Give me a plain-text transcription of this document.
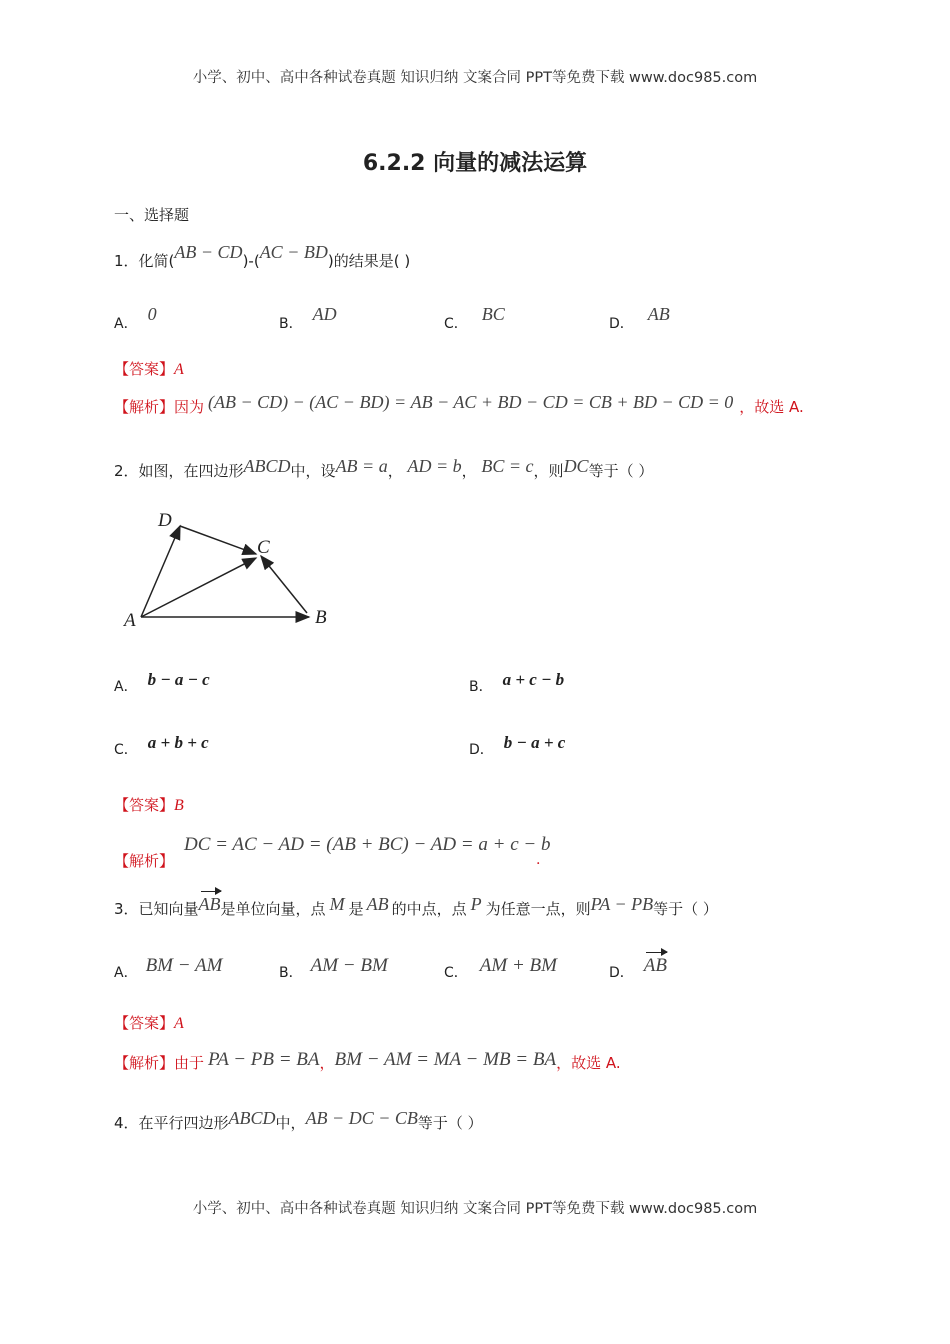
小学、初中、高中各种试卷真题 知识归纳 文案合同 PPT等免费下载 www.doc985.com
小学、初中、高中各种试卷真题 知识归纳 文案合同 PPT等免费下载 www.doc985.com
6.2.2 向量的减法运算
一、选择题
1．化简(AB − CD)-(AC − BD)的结果是( )
A． 0	B． AD	C． BC	D． AB
【答案】A
【解析】因为 (AB − CD) − (AC − BD) = AB − AC + BD − CD = CB + BD − CD = 0 ，故选 A.
2．如图，在四边形ABCD中，设AB = a， AD = b， BC = c，则DC等于（ ）
D
C
A	B
A． b − a − c	B． a + c − b
C． a + b + c	D． b − a + c
【答案】B
【解析】
DC = AC − AD = (AB + BC) − AD = a + c − b
.
3．已知向量AB是单位向量，点 M 是 AB 的中点，点 P 为任意一点，则PA − PB等于（ ）
A． BM − AM	B． AM − BM	C． AM + BM	D． AB
【答案】A
【解析】由于 PA − PB = BA，BM − AM = MA − MB = BA，故选 A.
4．在平行四边形ABCD中，AB − DC − CB等于（ ）
